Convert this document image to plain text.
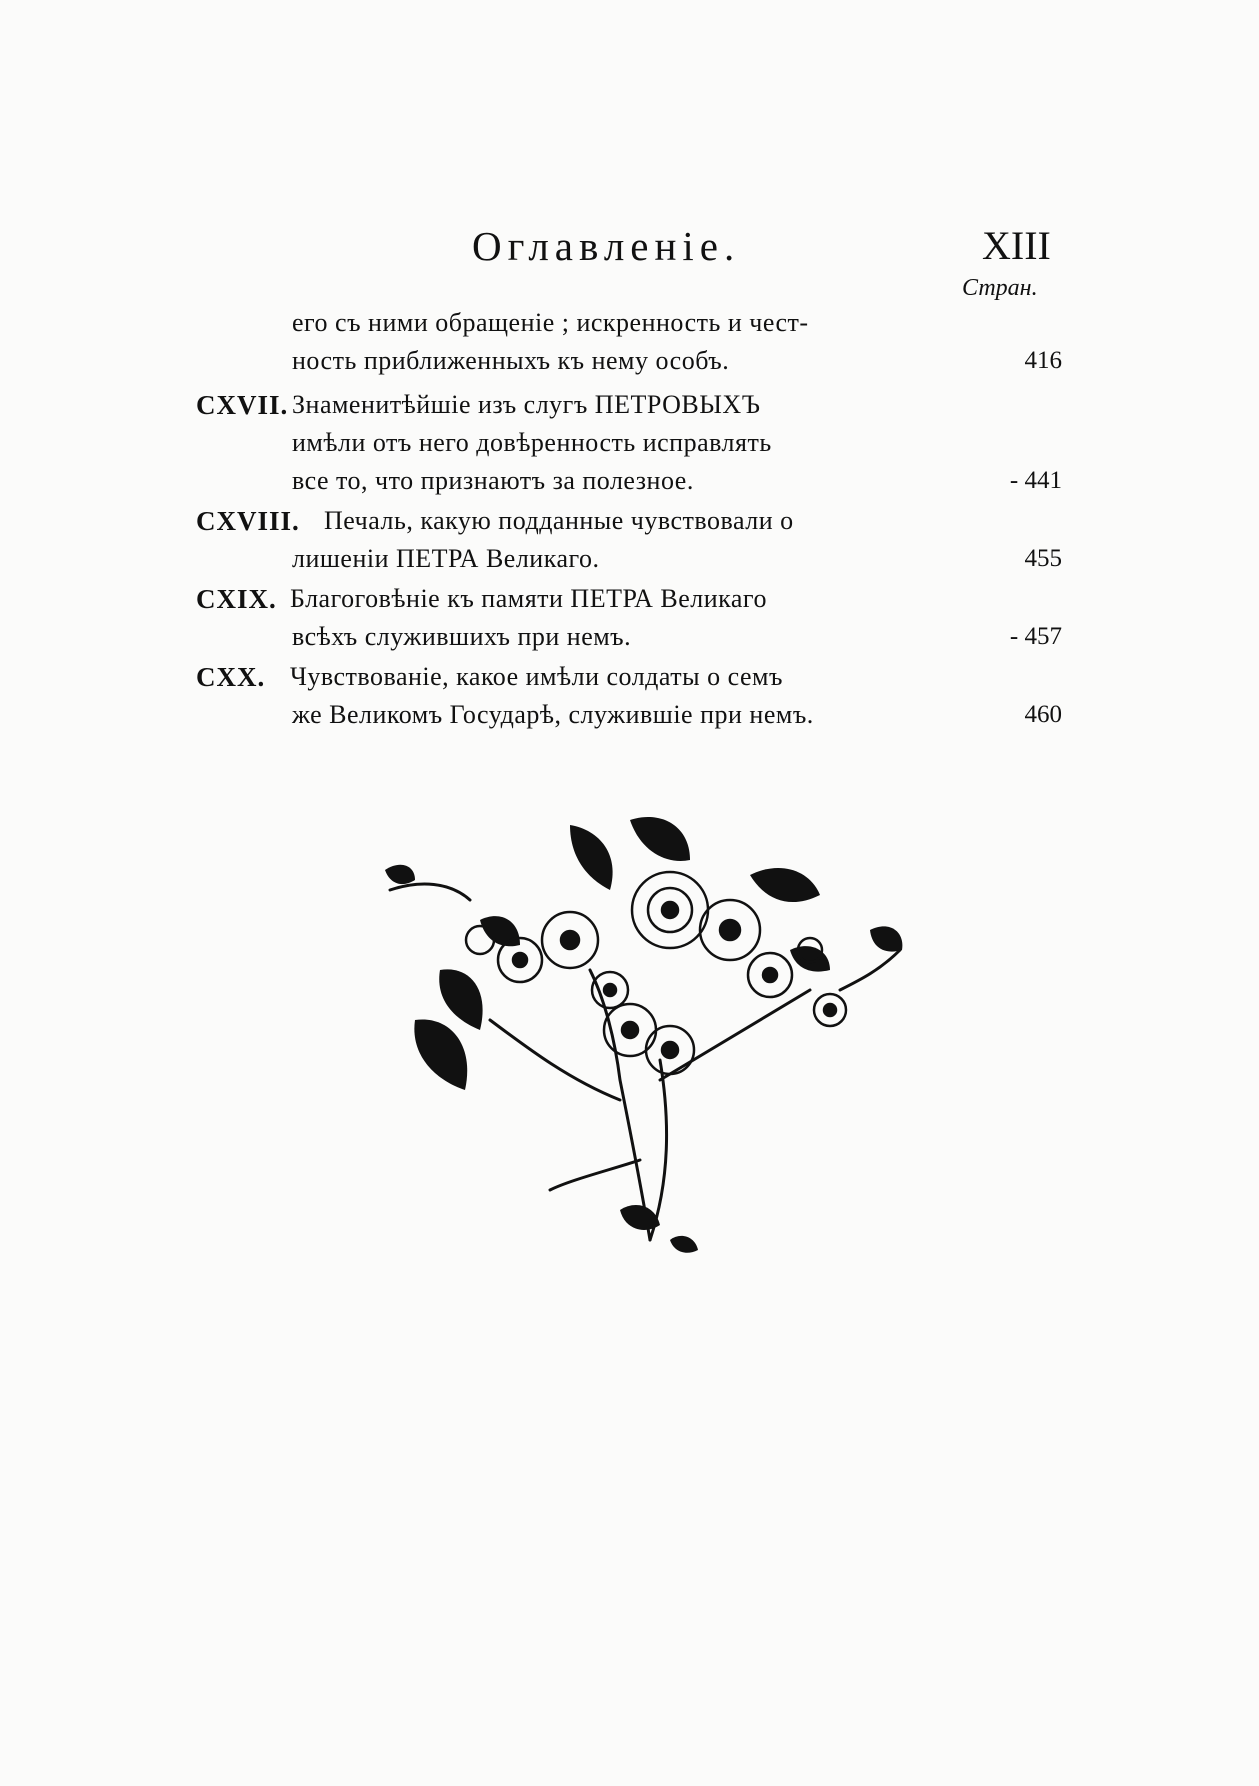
Оглавленіе.	XIII
Стран.
его съ ними обращеніе ; искренность и чест-
ность приближенныхъ къ нему особъ.	416
CXVII. Знаменитѣйшіе изъ слугъ ПЕТРОВЫХЪ
имѣли отъ него довѣренность исправлять
все то, что признаютъ за полезное.	- 441
CXVIII. Печаль, какую подданные чувствовали о
лишеніи ПЕТРА Великаго.	455
CXIX. Благоговѣніе къ памяти ПЕТРА Великаго
всѣхъ служившихъ при немъ.	- 457
CXX. Чувствованіе, какое имѣли солдаты о семъ
же Великомъ Государѣ, служившіе при немъ.	460
